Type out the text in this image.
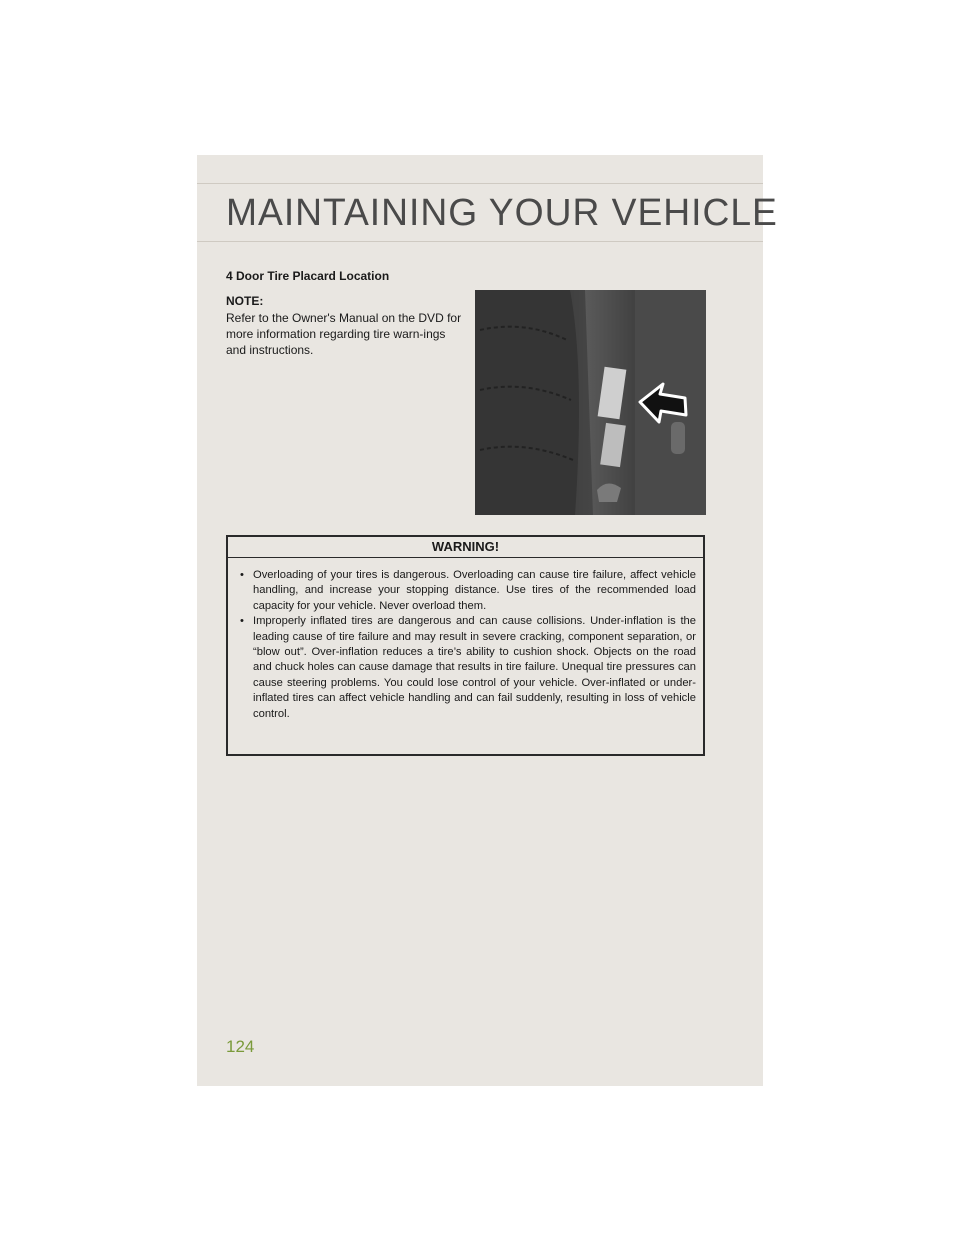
MAINTAINING YOUR VEHICLE
4 Door Tire Placard Location
NOTE:
Refer to the Owner's Manual on the DVD for more information regarding tire warn-ings and instructions.
WARNING!
• Overloading of your tires is dangerous. Overloading can cause tire failure, affect vehicle handling, and increase your stopping distance. Use tires of the recommended load capacity for your vehicle. Never overload them.
• Improperly inflated tires are dangerous and can cause collisions. Under-inflation is the leading cause of tire failure and may result in severe cracking, component separation, or “blow out”. Over-inflation reduces a tire’s ability to cushion shock. Objects on the road and chuck holes can cause damage that results in tire failure. Unequal tire pressures can cause steering problems. You could lose control of your vehicle. Over-inflated or under-inflated tires can affect vehicle handling and can fail suddenly, resulting in loss of vehicle control.
124
